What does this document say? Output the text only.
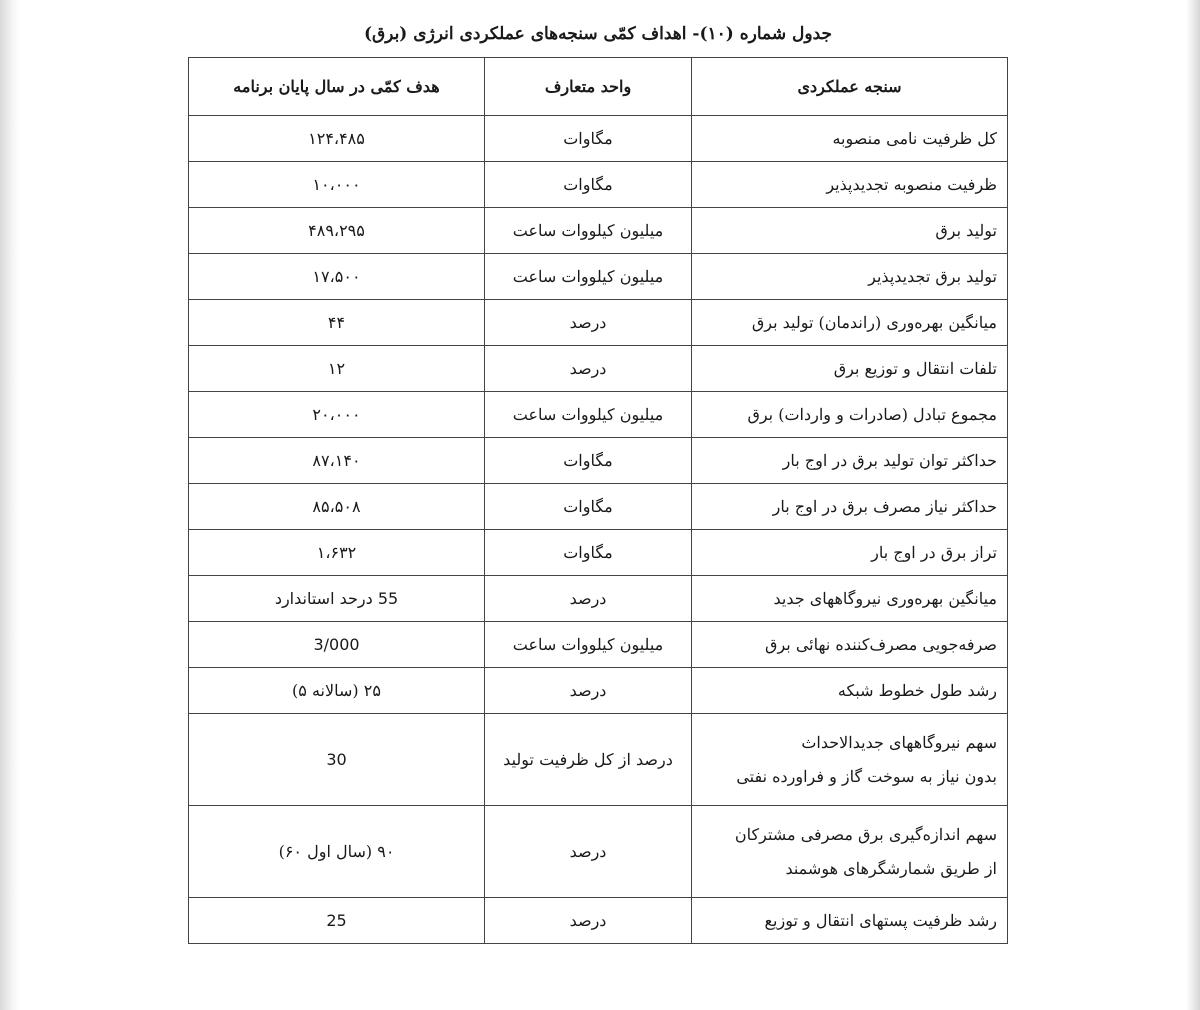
جدول شماره (۱۰)- اهداف کمّی سنجه‌های عملکردی انرژی (برق)
سنجه عملکردی	واحد متعارف	هدف کمّی در سال پایان برنامه
کل ظرفیت نامی منصوبه	مگاوات	۱۲۴،۴۸۵
ظرفیت منصوبه تجدیدپذیر	مگاوات	۱۰،۰۰۰
تولید برق	میلیون کیلووات ساعت	۴۸۹،۲۹۵
تولید برق تجدیدپذیر	میلیون کیلووات ساعت	۱۷،۵۰۰
میانگین بهره‌وری (راندمان) تولید برق	درصد	۴۴
تلفات انتقال و توزیع برق	درصد	۱۲
مجموع تبادل (صادرات و واردات) برق	میلیون کیلووات ساعت	۲۰،۰۰۰
حداکثر توان تولید برق در اوج بار	مگاوات	۸۷،۱۴۰
حداکثر نیاز مصرف برق در اوج بار	مگاوات	۸۵،۵۰۸
تراز برق در اوج بار	مگاوات	۱،۶۳۲
میانگین بهره‌وری نیروگاههای جدید	درصد	55 درحد استاندارد
صرفه‌جویی مصرف‌کننده نهائی برق	میلیون کیلووات ساعت	3/000
رشد طول خطوط شبکه	درصد	۲۵ (سالانه ۵)

سهم نیروگاههای جدیدالاحداث
بدون نیاز به سوخت گاز و فراورده نفتی	درصد از کل ظرفیت تولید	30

سهم اندازه‌گیری برق مصرفی مشترکان
از طریق شمارشگرهای هوشمند	درصد	۹۰ (سال اول ۶۰)
رشد ظرفیت پستهای انتقال و توزیع	درصد	25
